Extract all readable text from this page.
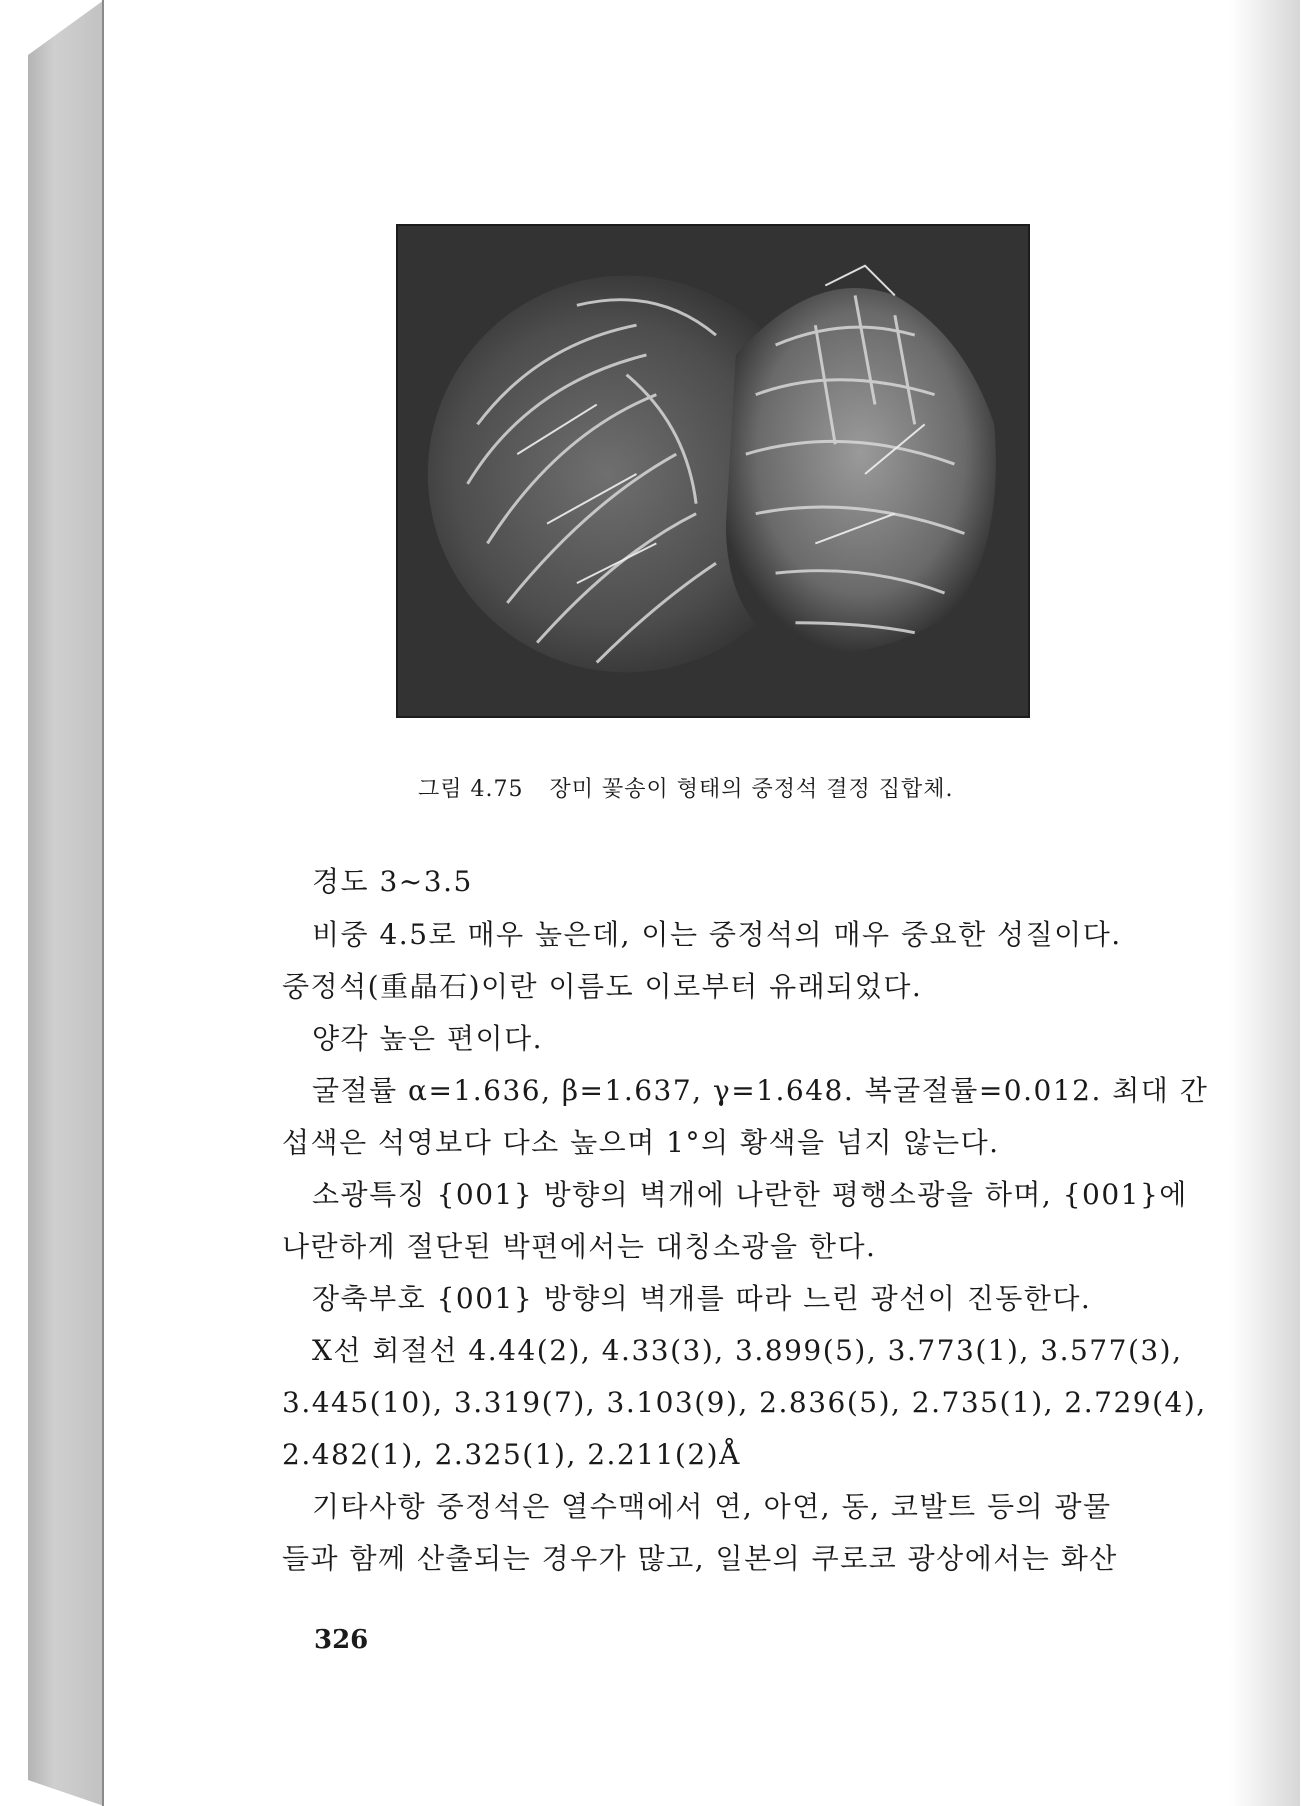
그림 4.75 장미 꽃송이 형태의 중정석 결정 집합체.
경도 3~3.5
비중 4.5로 매우 높은데, 이는 중정석의 매우 중요한 성질이다.
중정석(重晶石)이란 이름도 이로부터 유래되었다.
양각 높은 편이다.
굴절률 α=1.636, β=1.637, γ=1.648. 복굴절률=0.012. 최대 간
섭색은 석영보다 다소 높으며 1°의 황색을 넘지 않는다.
소광특징 {001} 방향의 벽개에 나란한 평행소광을 하며, {001}에
나란하게 절단된 박편에서는 대칭소광을 한다.
장축부호 {001} 방향의 벽개를 따라 느린 광선이 진동한다.
X선 회절선 4.44(2), 4.33(3), 3.899(5), 3.773(1), 3.577(3),
3.445(10), 3.319(7), 3.103(9), 2.836(5), 2.735(1), 2.729(4),
2.482(1), 2.325(1), 2.211(2)Å
기타사항 중정석은 열수맥에서 연, 아연, 동, 코발트 등의 광물
들과 함께 산출되는 경우가 많고, 일본의 쿠로코 광상에서는 화산
326
